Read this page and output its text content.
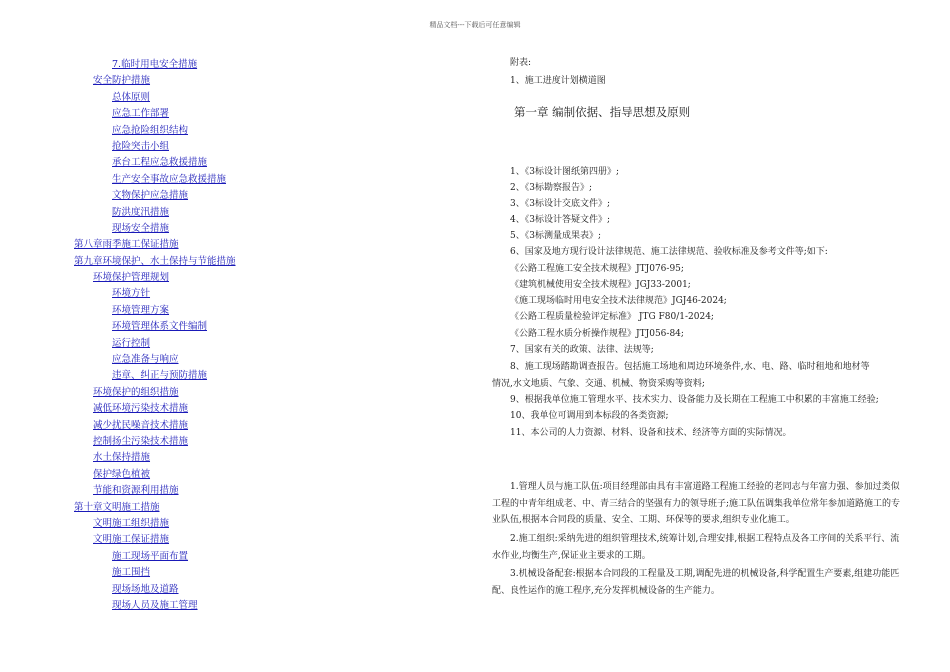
精品文档---下载后可任意编辑
7.临时用电安全措施
安全防护措施
总体原则
应急工作部署
应急抢险组织结构
抢险突击小组
承台工程应急救援措施
生产安全事故应急救援措施
文物保护应急措施
防洪度汛措施
现场安全措施
第八章雨季施工保证措施
第九章环境保护、水土保持与节能措施
环境保护管理规划
环境方针
环境管理方案
环境管理体系文件编制
运行控制
应急准备与响应
违章、纠正与预防措施
环境保护的组织措施
减低环境污染技术措施
减少扰民噪音技术措施
控制扬尘污染技术措施
水土保持措施
保护绿色植被
节能和资源利用措施
第十章文明施工措施
文明施工组织措施
文明施工保证措施
施工现场平面布置
施工围挡
现场场地及道路
现场人员及施工管理
附表:
1、施工进度计划横道图
第一章 编制依据、指导思想及原则
1、《3标设计图纸第四册》;
2、《3标勘察报告》;
3、《3标设计交底文件》;
4、《3标设计答疑文件》;
5、《3标测量成果表》;
6、国家及地方现行设计法律规范、施工法律规范、验收标准及参考文件等;如下:
《公路工程施工安全技术规程》JTJ076-95;
《建筑机械使用安全技术规程》JGJ33-2001;
《施工现场临时用电安全技术法律规范》JGJ46-2024;
《公路工程质量检验评定标准》 JTG F80/1-2024;
《公路工程水质分析操作规程》JTJ056-84;
7、国家有关的政策、法律、法规等;
8、施工现场踏勘调查报告。包括施工场地和周边环境条件,水、电、路、临时租地和地材等
情况,水文地质、气象、交通、机械、物资采购等资料;
9、根据我单位施工管理水平、技术实力、设备能力及长期在工程施工中积累的丰富施工经验;
10、我单位可调用到本标段的各类资源;
11、本公司的人力资源、材料、设备和技术、经济等方面的实际情况。
1.管理人员与施工队伍:项目经理部由具有丰富道路工程施工经验的老同志与年富力强、参加过类似工程的中青年组成老、中、青三结合的坚强有力的领导班子;施工队伍调集我单位常年参加道路施工的专业队伍,根据本合同段的质量、安全、工期、环保等的要求,组织专业化施工。
2.施工组织:采纳先进的组织管理技术,统筹计划,合理安排,根据工程特点及各工序间的关系平行、流水作业,均衡生产,保证业主要求的工期。
3.机械设备配套:根据本合同段的工程量及工期,调配先进的机械设备,科学配置生产要素,组建功能匹配、良性运作的施工程序,充分发挥机械设备的生产能力。
